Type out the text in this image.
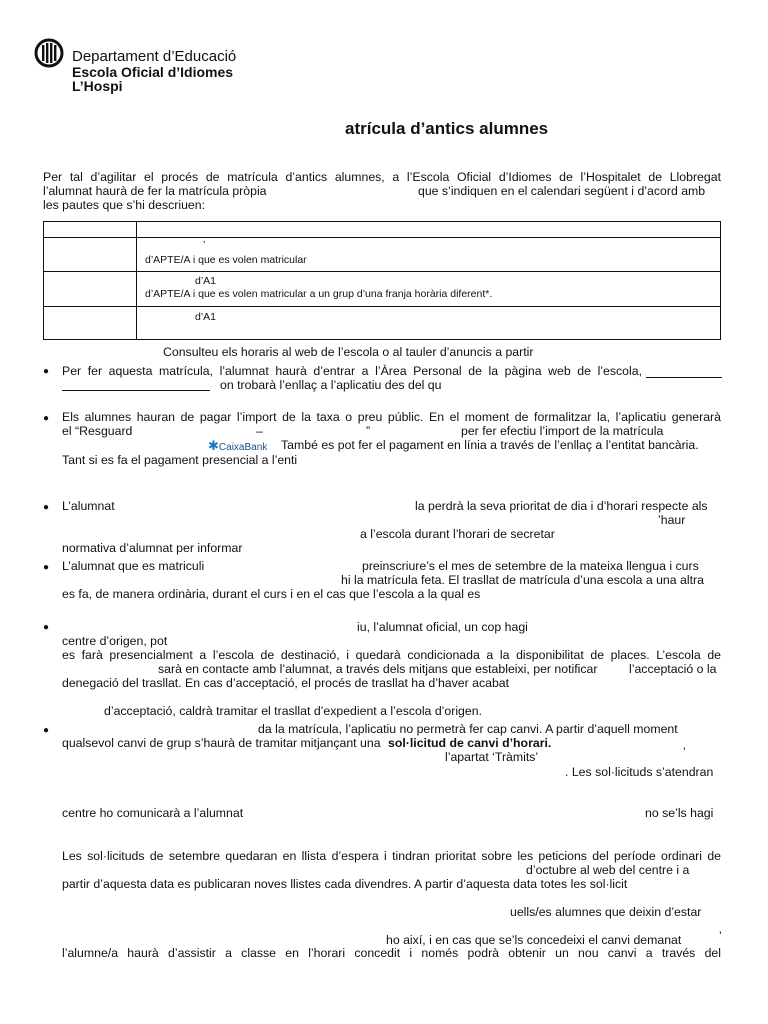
Departament d’Educació
Escola Oficial d’Idiomes
L’Hospi
atrícula d’antics alumnes
Per tal d’agilitar el procés de matrícula d’antics alumnes, a l’Escola Oficial d’Idiomes de l’Hospitalet de Llobregat
l’alumnat haurà de fer la matrícula pròpia	que s’indiquen en el calendari següent i d’acord amb
les pautes que s’hi descriuen:

	’
d’APTE/A i que es volen matricular

	d’A1
d’APTE/A i que es volen matricular a un grup d’una franja horària diferent*.

	d’A1
Consulteu els horaris al web de l’escola o al tauler d’anuncis a partir
● Per fer aquesta matrícula, l’alumnat haurà d’entrar a l’Àrea Personal de la pàgina web de l’escola,
on trobarà l’enllaç a l’aplicatiu des del qu
● Els alumnes hauran de pagar l’import de la taxa o preu públic. En el moment de formalitzar la, l’aplicatiu generarà
el “Resguard	–	”	per fer efectiu l’import de la matrícula
✱CaixaBank També es pot fer el pagament en línia a través de l’enllaç a l’entitat bancària.
Tant si es fa el pagament presencial a l’enti
● L’alumnat	la perdrà la seva prioritat de dia i d’horari respecte als
’haur
a l’escola durant l’horari de secretar
normativa d’alumnat per informar
● L’alumnat que es matriculi	preinscriure’s el mes de setembre de la mateixa llengua i curs
hi la matrícula feta. El trasllat de matrícula d’una escola a una altra
es fa, de manera ordinària, durant el curs i en el cas que l’escola a la qual es
●	iu, l’alumnat oficial, un cop hagi
centre d’origen, pot
es farà presencialment a l’escola de destinació, i quedarà condicionada a la disponibilitat de places. L’escola de
sarà en contacte amb l’alumnat, a través dels mitjans que estableixi, per notificar	l’acceptació o la
denegació del trasllat. En cas d’acceptació, el procés de trasllat ha d’haver acabat
d’acceptació, caldrà tramitar el trasllat d’expedient a l’escola d’origen.
●	da la matrícula, l’aplicatiu no permetrà fer cap canvi. A partir d’aquell moment
qualsevol canvi de grup s’haurà de tramitar mitjançant una sol·licitud de canvi d’horari.
l’apartat ‘Tràmits’	’
. Les sol·licituds s’atendran
centre ho comunicarà a l’alumnat	no se’ls hagi
Les sol·licituds de setembre quedaran en llista d’espera i tindran prioritat sobre les peticions del període ordinari de
d’octubre al web del centre i a
partir d’aquesta data es publicaran noves llistes cada divendres. A partir d’aquesta data totes les sol·licit
uells/es alumnes que deixin d’estar
ho així, i en cas que se’ls concedeixi el canvi demanat	’
l’alumne/a haurà d’assistir a classe en l’horari concedit i només podrà obtenir un nou canvi a través del
